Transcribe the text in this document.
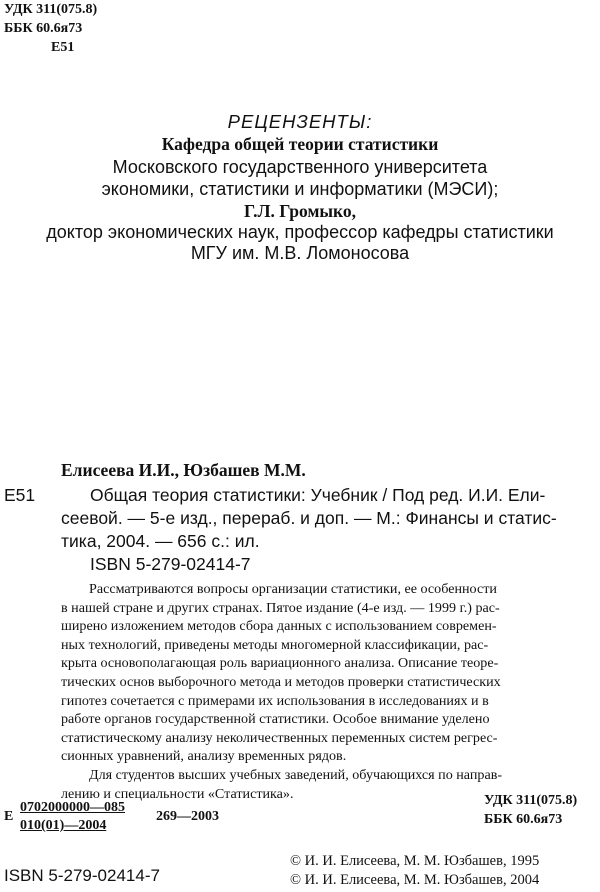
УДК 311(075.8)
ББК 60.6я73
Е51
РЕЦЕНЗЕНТЫ:
Кафедра общей теории статистики
Московского государственного университета
экономики, статистики и информатики (МЭСИ);
Г.Л. Громыко,
доктор экономических наук, профессор кафедры статистики
МГУ им. М.В. Ломоносова
Елисеева И.И., Юзбашев М.М.
Е51	Общая теория статистики: Учебник / Под ред. И.И. Ели-
сеевой. — 5-е изд., перераб. и доп. — М.: Финансы и статис-
тика, 2004. — 656 с.: ил.
ISBN 5-279-02414-7
Рассматриваются вопросы организации статистики, ее особенности
в нашей стране и других странах. Пятое издание (4-е изд. — 1999 г.) рас-
ширено изложением методов сбора данных с использованием современ-
ных технологий, приведены методы многомерной классификации, рас-
крыта основополагающая роль вариационного анализа. Описание теоре-
тических основ выборочного метода и методов проверки статистических
гипотез сочетается с примерами их использования в исследованиях и в
работе органов государственной статистики. Особое внимание уделено
статистическому анализу неколичественных переменных систем регрес-
сионных уравнений, анализу временных рядов.
Для студентов высших учебных заведений, обучающихся по направ-
лению и специальности «Статистика».
Е
0702000000—085
010(01)—2004
269—2003
УДК 311(075.8)
ББК 60.6я73
ISBN 5-279-02414-7
© И. И. Елисеева, М. М. Юзбашев, 1995
© И. И. Елисеева, М. М. Юзбашев, 2004
